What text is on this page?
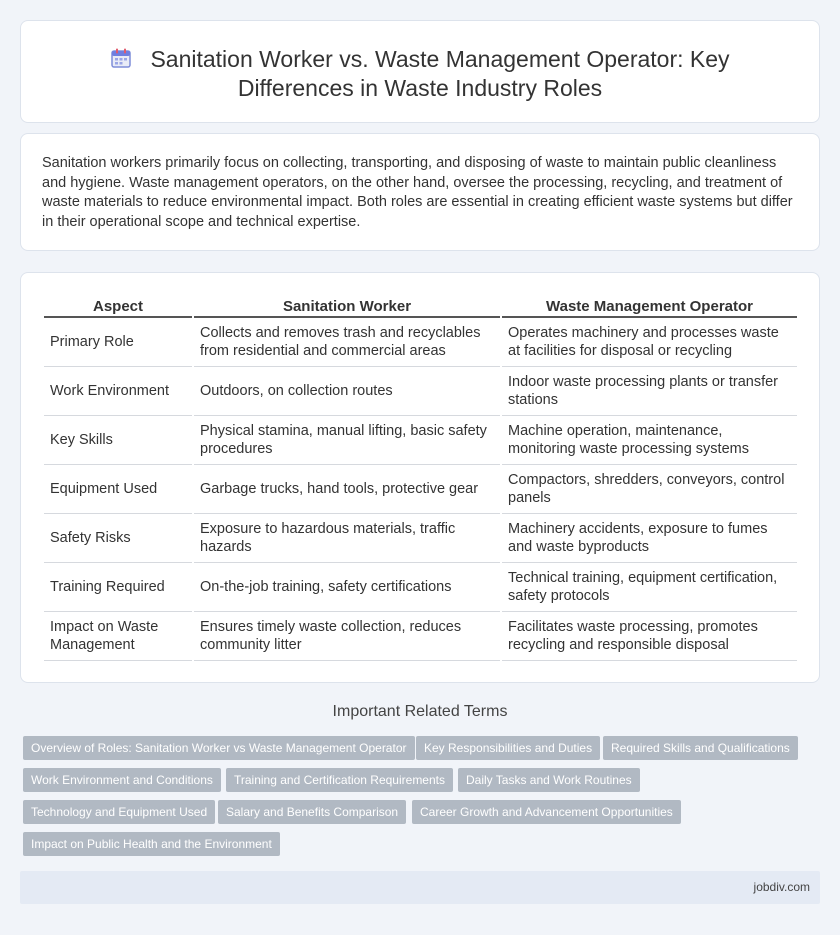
Sanitation Worker vs. Waste Management Operator: Key
Differences in Waste Industry Roles

Sanitation workers primarily focus on collecting, transporting, and disposing of waste to maintain public cleanliness and hygiene. Waste management operators, on the other hand, oversee the processing, recycling, and treatment of waste materials to reduce environmental impact. Both roles are essential in creating efficient waste systems but differ in their operational scope and technical expertise.

Aspect	Sanitation Worker	Waste Management Operator
Primary Role	Collects and removes trash and recyclables from residential and commercial areas	Operates machinery and processes waste at facilities for disposal or recycling
Work Environment	Outdoors, on collection routes	Indoor waste processing plants or transfer stations
Key Skills	Physical stamina, manual lifting, basic safety procedures	Machine operation, maintenance, monitoring waste processing systems
Equipment Used	Garbage trucks, hand tools, protective gear	Compactors, shredders, conveyors, control panels
Safety Risks	Exposure to hazardous materials, traffic hazards	Machinery accidents, exposure to fumes and waste byproducts
Training Required	On-the-job training, safety certifications	Technical training, equipment certification, safety protocols
Impact on Waste Management	Ensures timely waste collection, reduces community litter	Facilitates waste processing, promotes recycling and responsible disposal
Important Related Terms
Overview of Roles: Sanitation Worker vs Waste Management Operator	Key Responsibilities and Duties	Required Skills and Qualifications
Work Environment and Conditions	Training and Certification Requirements	Daily Tasks and Work Routines
Technology and Equipment Used	Salary and Benefits Comparison	Career Growth and Advancement Opportunities
Impact on Public Health and the Environment
jobdiv.com
